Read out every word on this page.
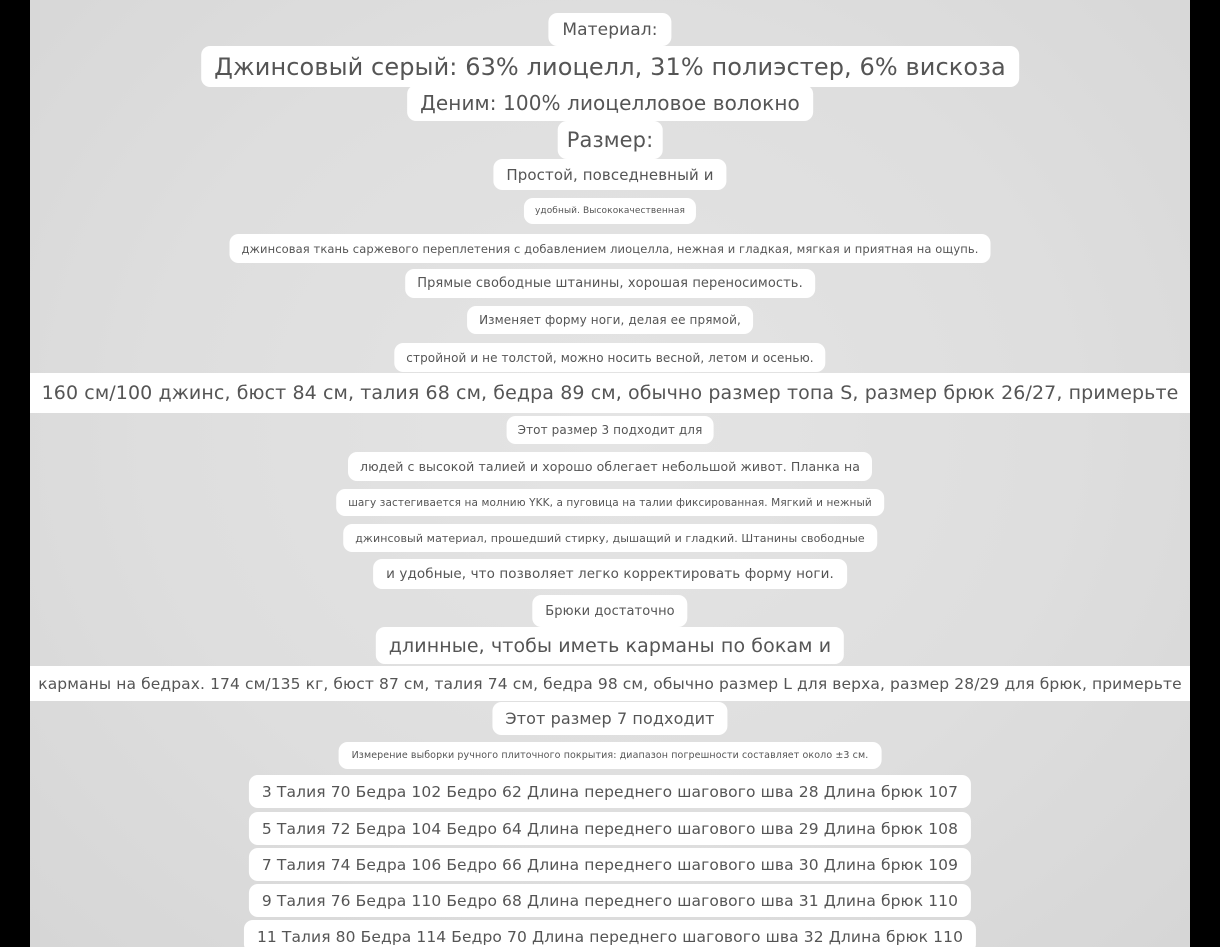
Материал:
Джинсовый серый: 63% лиоцелл, 31% полиэстер, 6% вискоза
Деним: 100% лиоцелловое волокно
Размер:
Простой, повседневный и
удобный. Высококачественная
джинсовая ткань саржевого переплетения с добавлением лиоцелла, нежная и гладкая, мягкая и приятная на ощупь.
Прямые свободные штанины, хорошая переносимость.
Изменяет форму ноги, делая ее прямой,
стройной и не толстой, можно носить весной, летом и осенью.
160 см/100 джинс, бюст 84 см, талия 68 см, бедра 89 см, обычно размер топа S, размер брюк 26/27, примерьте
Этот размер 3 подходит для
людей с высокой талией и хорошо облегает небольшой живот. Планка на
шагу застегивается на молнию YKK, а пуговица на талии фиксированная. Мягкий и нежный
джинсовый материал, прошедший стирку, дышащий и гладкий. Штанины свободные
и удобные, что позволяет легко корректировать форму ноги.
Брюки достаточно
длинные, чтобы иметь карманы по бокам и
карманы на бедрах. 174 см/135 кг, бюст 87 см, талия 74 см, бедра 98 см, обычно размер L для верха, размер 28/29 для брюк, примерьте
Этот размер 7 подходит
Измерение выборки ручного плиточного покрытия: диапазон погрешности составляет около ±3 см.
3 Талия 70 Бедра 102 Бедро 62 Длина переднего шагового шва 28 Длина брюк 107
5 Талия 72 Бедра 104 Бедро 64 Длина переднего шагового шва 29 Длина брюк 108
7 Талия 74 Бедра 106 Бедро 66 Длина переднего шагового шва 30 Длина брюк 109
9 Талия 76 Бедра 110 Бедро 68 Длина переднего шагового шва 31 Длина брюк 110
11 Талия 80 Бедра 114 Бедро 70 Длина переднего шагового шва 32 Длина брюк 110
